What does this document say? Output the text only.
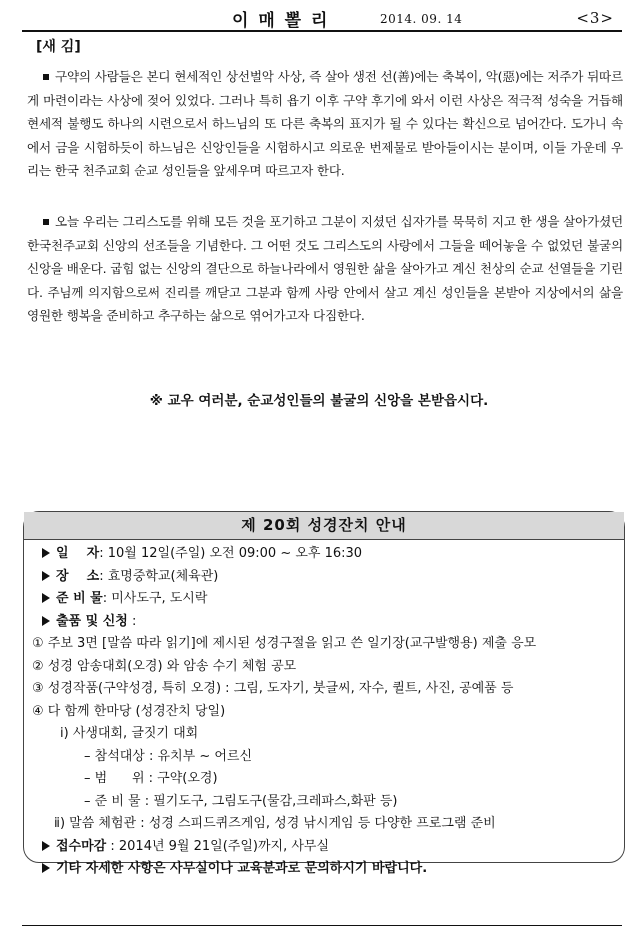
이 매 뽈 리	2014. 09. 14	<3>
[새 김]
구약의 사람들은 본디 현세적인 상선벌악 사상, 즉 살아 생전 선(善)에는 축복이, 악(惡)에는 저주가 뒤따르게 마련이라는 사상에 젖어 있었다. 그러나 특히 욥기 이후 구약 후기에 와서 이런 사상은 적극적 성숙을 거듭해 현세적 불행도 하나의 시련으로서 하느님의 또 다른 축복의 표지가 될 수 있다는 확신으로 넘어간다. 도가니 속에서 금을 시험하듯이 하느님은 신앙인들을 시험하시고 의로운 번제물로 받아들이시는 분이며, 이들 가운데 우리는 한국 천주교회 순교 성인들을 앞세우며 따르고자 한다.
오늘 우리는 그리스도를 위해 모든 것을 포기하고 그분이 지셨던 십자가를 묵묵히 지고 한 생을 살아가셨던 한국천주교회 신앙의 선조들을 기념한다. 그 어떤 것도 그리스도의 사랑에서 그들을 떼어놓을 수 없었던 불굴의 신앙을 배운다. 굽힘 없는 신앙의 결단으로 하늘나라에서 영원한 삶을 살아가고 계신 천상의 순교 선열들을 기린다. 주님께 의지함으로써 진리를 깨닫고 그분과 함께 사랑 안에서 살고 계신 성인들을 본받아 지상에서의 삶을 영원한 행복을 준비하고 추구하는 삶으로 엮어가고자 다짐한다.
※ 교우 여러분, 순교성인들의 불굴의 신앙을 본받읍시다.
제 20회 성경잔치 안내
일    자: 10월 12일(주일) 오전 09:00 ~ 오후 16:30
장    소: 효명중학교(체육관)
준 비 물: 미사도구, 도시락
출품 및 신청 :
① 주보 3면 [말씀 따라 읽기]에 제시된 성경구절을 읽고 쓴 일기장(교구발행용) 제출 응모
② 성경 암송대회(오경) 와 암송 수기 체험 공모
③ 성경작품(구약성경, 특히 오경) : 그림, 도자기, 붓글씨, 자수, 퀼트, 사진, 공예품 등
④ 다 함께 한마당 (성경잔치 당일)
ⅰ) 사생대회, 글짓기 대회
– 참석대상 : 유치부 ~ 어르신
– 범      위 : 구약(오경)
– 준 비 물 : 필기도구, 그림도구(물감,크레파스,화판 등)
ⅱ) 말씀 체험관 : 성경 스피드퀴즈게임, 성경 낚시게임 등 다양한 프로그램 준비
접수마감 : 2014년 9월 21일(주일)까지, 사무실
기타 자세한 사항은 사무실이나 교육분과로 문의하시기 바랍니다.
